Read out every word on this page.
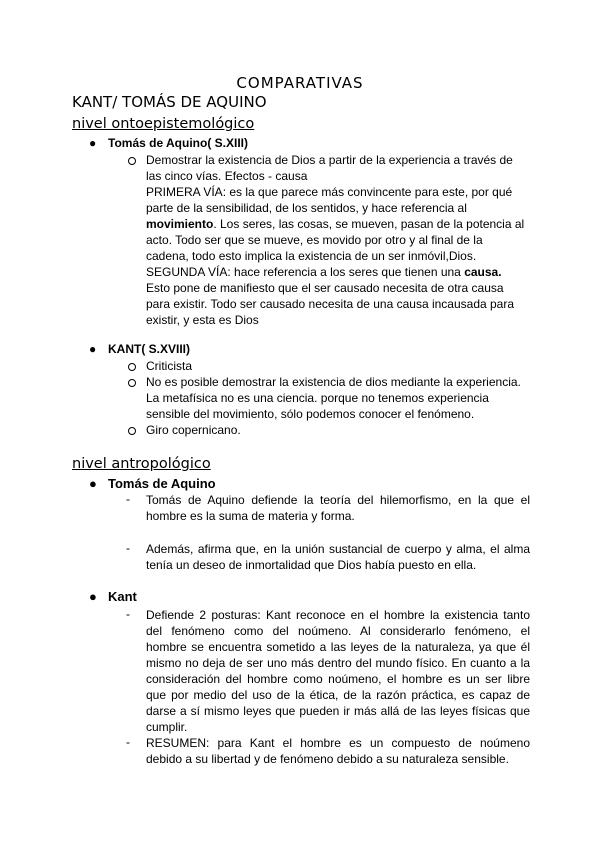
COMPARATIVAS
KANT/ TOMÁS DE AQUINO
nivel ontoepistemológico
● Tomás de Aquino( S.XIII)
Demostrar la existencia de Dios a partir de la experiencia a través de
las cinco vías. Efectos - causa
PRIMERA VÍA: es la que parece más convincente para este, por qué
parte de la sensibilidad, de los sentidos, y hace referencia al
movimiento. Los seres, las cosas, se mueven, pasan de la potencia al
acto. Todo ser que se mueve, es movido por otro y al final de la
cadena, todo esto implica la existencia de un ser inmóvil,Dios.
SEGUNDA VÍA: hace referencia a los seres que tienen una causa.
Esto pone de manifiesto que el ser causado necesita de otra causa
para existir. Todo ser causado necesita de una causa incausada para
existir, y esta es Dios
● KANT( S.XVIII)
Criticista
No es posible demostrar la existencia de dios mediante la experiencia.
La metafísica no es una ciencia. porque no tenemos experiencia
sensible del movimiento, sólo podemos conocer el fenómeno.
Giro copernicano.
nivel antropológico
● Tomás de Aquino
- Tomás de Aquino defiende la teoría del hilemorfismo, en la que el
hombre es la suma de materia y forma.
- Además, afirma que, en la unión sustancial de cuerpo y alma, el alma
tenía un deseo de inmortalidad que Dios había puesto en ella.
● Kant
- Defiende 2 posturas: Kant reconoce en el hombre la existencia tanto
del fenómeno como del noúmeno. Al considerarlo fenómeno, el
hombre se encuentra sometido a las leyes de la naturaleza, ya que él
mismo no deja de ser uno más dentro del mundo físico. En cuanto a la
consideración del hombre como noúmeno, el hombre es un ser libre
que por medio del uso de la ética, de la razón práctica, es capaz de
darse a sí mismo leyes que pueden ir más allá de las leyes físicas que
cumplir.
- RESUMEN: para Kant el hombre es un compuesto de noúmeno
debido a su libertad y de fenómeno debido a su naturaleza sensible.
